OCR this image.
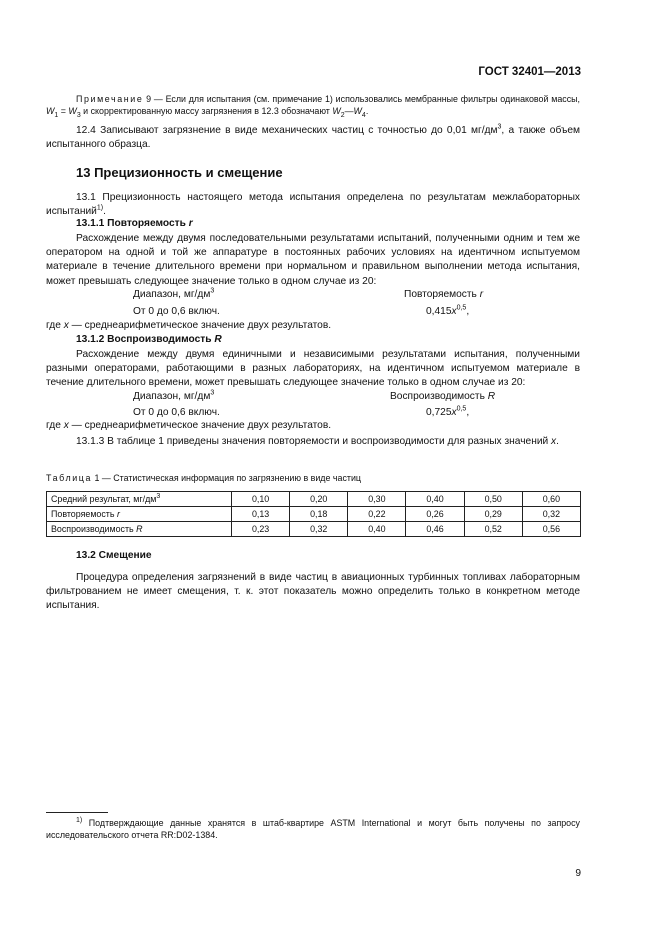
ГОСТ 32401—2013
Примечание 9 — Если для испытания (см. примечание 1) использовались мембранные фильтры одинаковой массы, $W_1 = W_3$ и скорректированную массу загрязнения в 12.3 обозначают $W_2—W_4$.
12.4 Записывают загрязнение в виде механических частиц с точностью до 0,01 $мг/дм^3$, а также объем испытанного образца.
13 Прецизионность и смещение
13.1 Прецизионность настоящего метода испытания определена по результатам межлабораторных испытаний$^{1)}$.
13.1.1 Повторяемость r
Расхождение между двумя последовательными результатами испытаний, полученными одним и тем же оператором на одной и той же аппаратуре в постоянных рабочих условиях на идентичном испытуемом материале в течение длительного времени при нормальном и правильном выполнении метода испытания, может превышать следующее значение только в одном случае из 20:
Диапазон, $мг/дм^3$	Повторяемость r
От 0 до 0,6 включ.	$0,415x^{0,5}$,
где x — среднеарифметическое значение двух результатов.
13.1.2 Воспроизводимость R
Расхождение между двумя единичными и независимыми результатами испытания, полученными разными операторами, работающими в разных лабораториях, на идентичном испытуемом материале в течение длительного времени, может превышать следующее значение только в одном случае из 20:
Диапазон, $мг/дм^3$	Воспроизводимость R
От 0 до 0,6 включ.	$0,725x^{0,5}$,
где x — среднеарифметическое значение двух результатов.
13.1.3 В таблице 1 приведены значения повторяемости и воспроизводимости для разных значений x.
Таблица 1 — Статистическая информация по загрязнению в виде частиц
Средний результат, $мг/дм^3$	0,10	0,20	0,30	0,40	0,50	0,60
Повторяемость r	0,13	0,18	0,22	0,26	0,29	0,32
Воспроизводимость R	0,23	0,32	0,40	0,46	0,52	0,56
13.2 Смещение
Процедура определения загрязнений в виде частиц в авиационных турбинных топливах лабораторным фильтрованием не имеет смещения, т. к. этот показатель можно определить только в конкретном методе испытания.
$^{1)}$ Подтверждающие данные хранятся в штаб-квартире ASTM International и могут быть получены по запросу исследовательского отчета RR:D02-1384.
9
